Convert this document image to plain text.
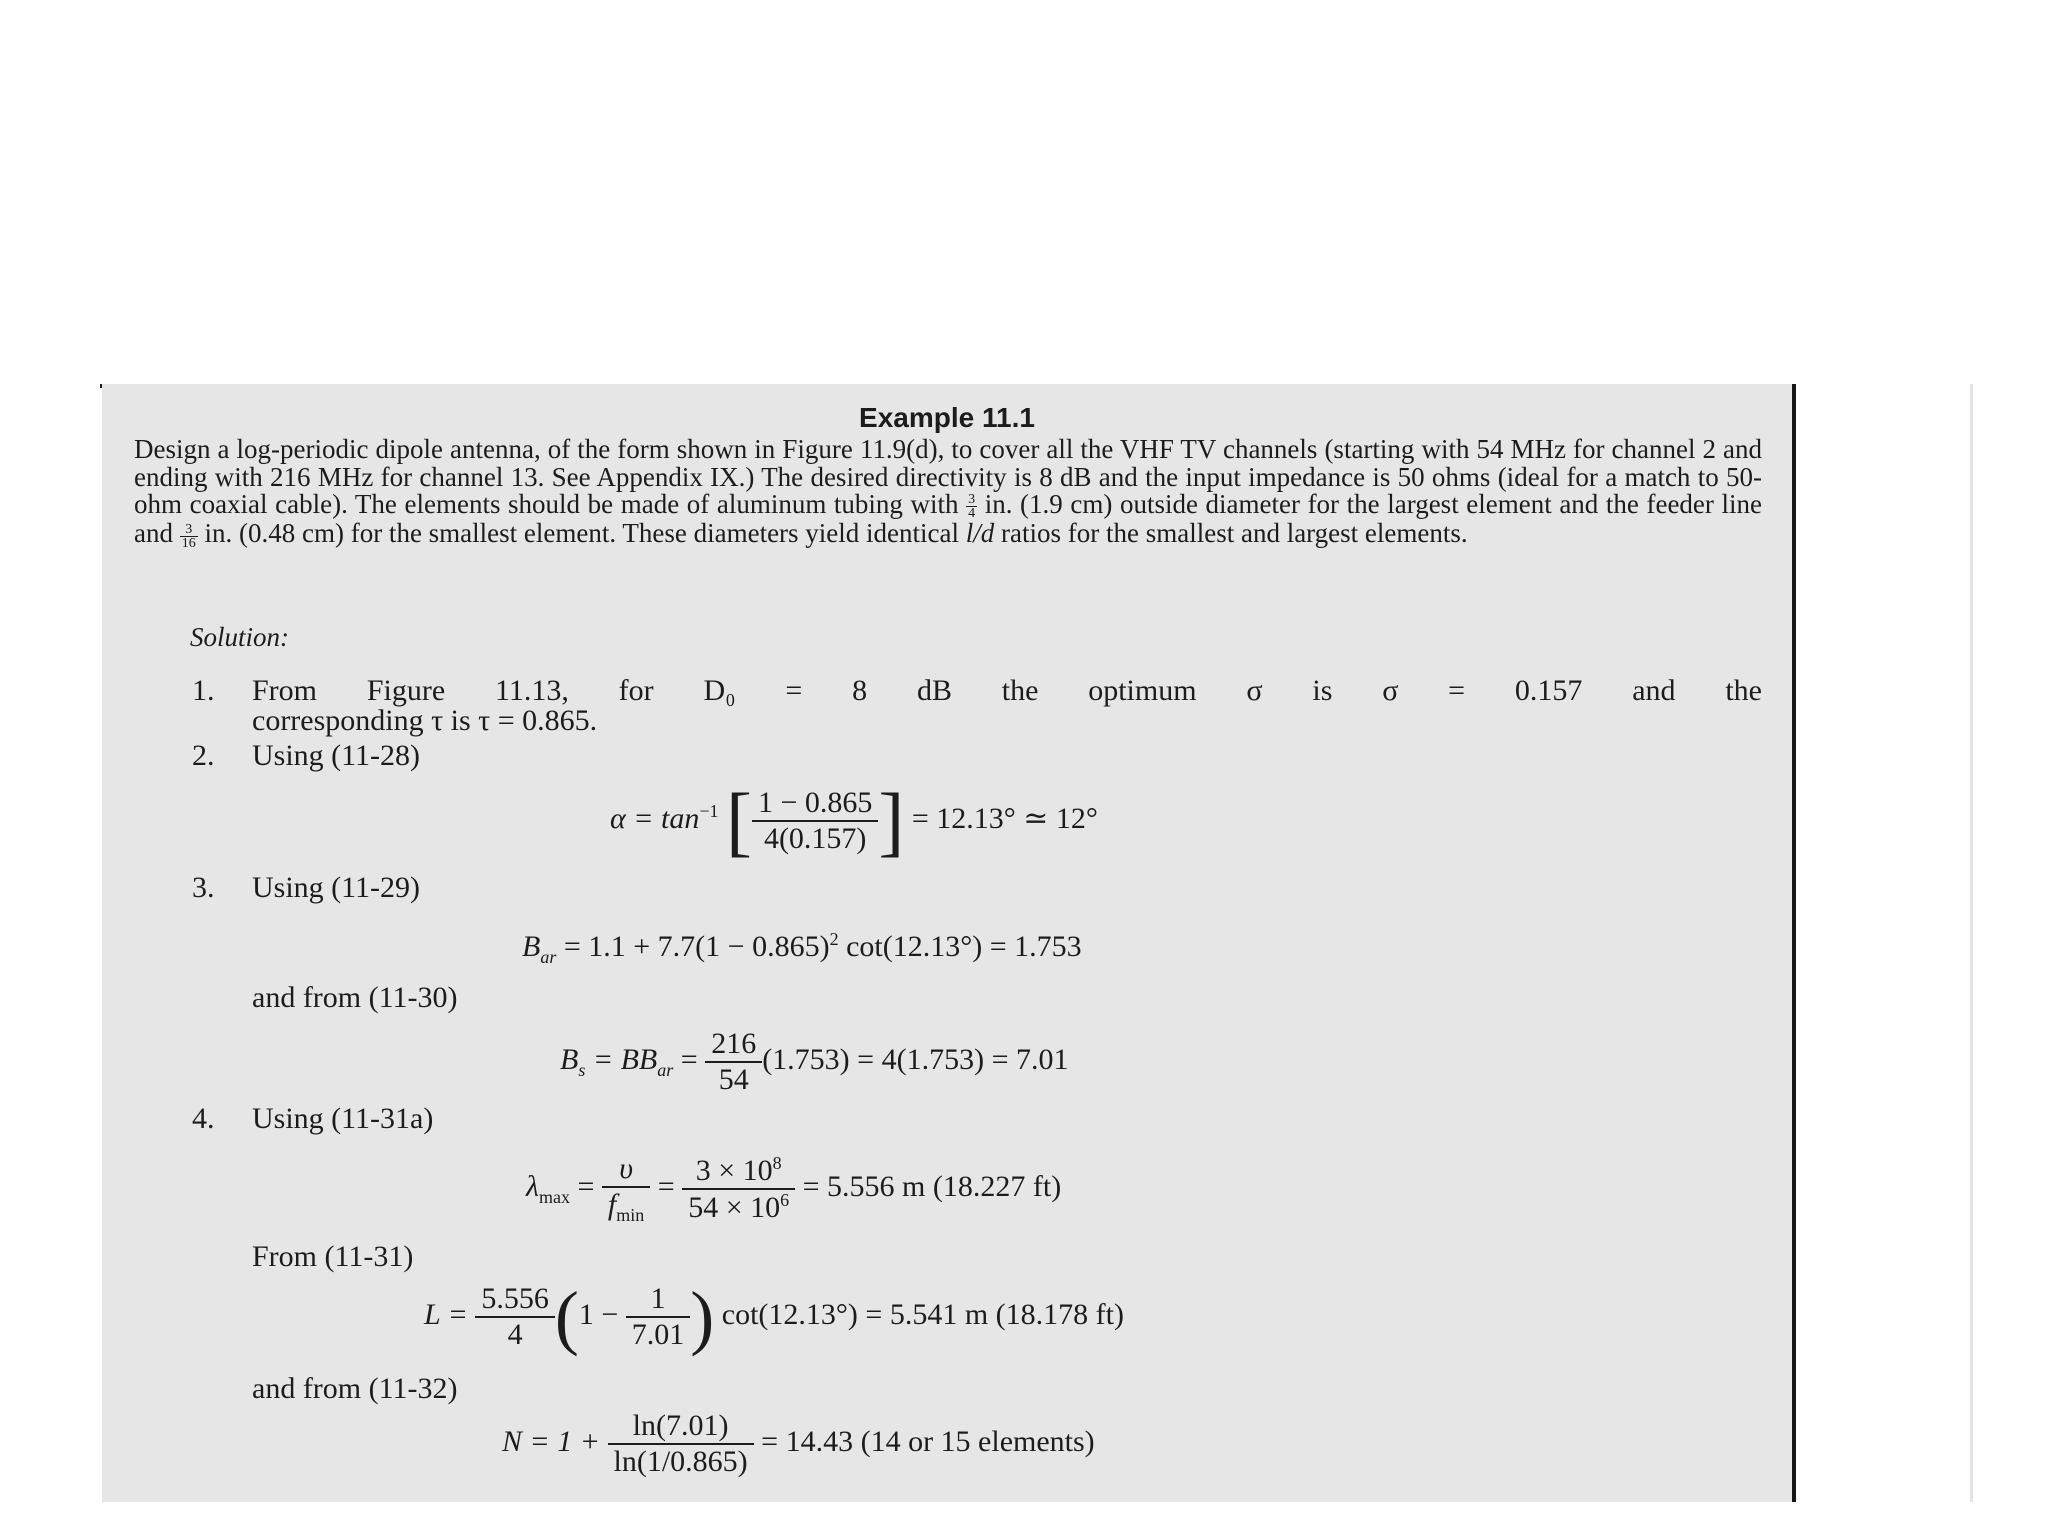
Example 11.1

Design a log-periodic dipole antenna, of the form shown in Figure 11.9(d), to cover all the VHF TV channels (starting with 54 MHz for channel 2 and ending with 216 MHz for channel 13. See Appendix IX.) The desired directivity is 8 dB and the input impedance is 50 ohms (ideal for a match to 50-ohm coaxial cable). The elements should be made of aluminum tubing with $\frac{3}{4}$ in. (1.9 cm) outside diameter for the largest element and the feeder line and $\frac{3}{16}$ in. (0.48 cm) for the smallest element. These diameters yield identical l/d ratios for the smallest and largest elements.

Solution:
1. From Figure 11.13, for D₀ = 8 dB the optimum σ is σ = 0.157 and the
corresponding τ is τ = 0.865.
2. Using (11-28)
$\alpha = \tan^{-1}$ [ $\frac{1 - 0.865}{4(0.157)}$ ] = 12.13° ≃ 12°
3. Using (11-29)
$B_{ar} = 1.1 + 7.7(1 - 0.865)^2$ cot(12.13°) = 1.753
and from (11-30)
$B_s = BB_{ar} = \frac{216}{54} (1.753) = 4(1.753) = 7.01$
4. Using (11-31a)
$\lambda_{max} = \frac{\upsilon}{f_{min}} = \frac{3 \times 10^8}{54 \times 10^6} = 5.556$ m (18.227 ft)
From (11-31)
$L = \frac{5.556}{4} (1 - \frac{1}{7.01}$ ) cot(12.13°) = 5.541 m (18.178 ft)
and from (11-32)
$N = 1 + \frac{\ln(7.01)}{\ln(1/0.865)} = 14.43$ (14 or 15 elements)
